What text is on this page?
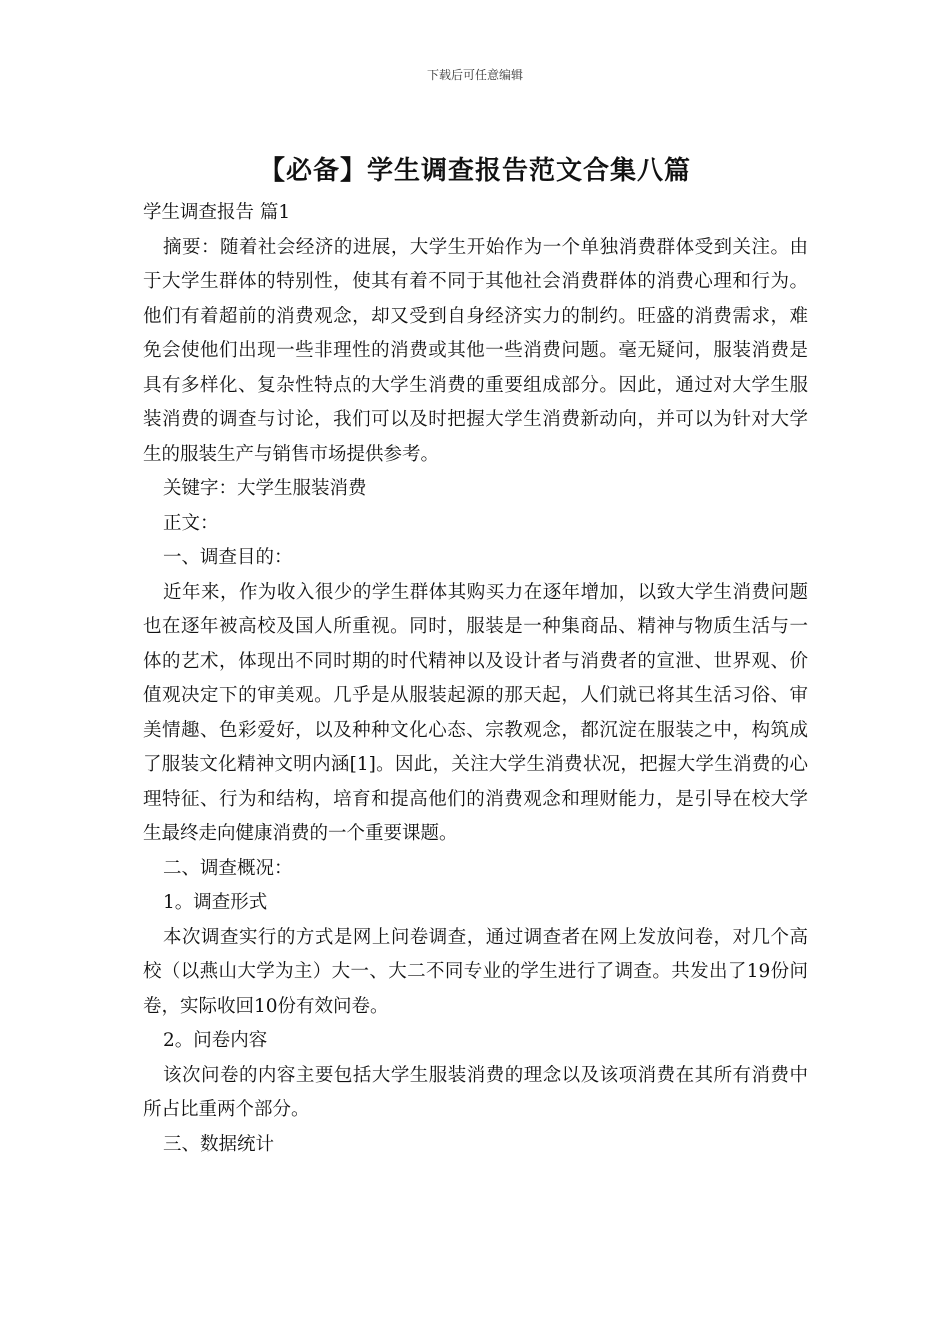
下载后可任意编辑
【必备】学生调查报告范文合集八篇

学生调查报告 篇1

摘要：随着社会经济的进展，大学生开始作为一个单独消费群体受到关注。由于大学生群体的特别性，使其有着不同于其他社会消费群体的消费心理和行为。他们有着超前的消费观念，却又受到自身经济实力的制约。旺盛的消费需求，难免会使他们出现一些非理性的消费或其他一些消费问题。毫无疑问，服装消费是具有多样化、复杂性特点的大学生消费的重要组成部分。因此，通过对大学生服装消费的调查与讨论，我们可以及时把握大学生消费新动向，并可以为针对大学生的服装生产与销售市场提供参考。

关键字：大学生服装消费

正文：

一、调查目的：

近年来，作为收入很少的学生群体其购买力在逐年增加，以致大学生消费问题也在逐年被高校及国人所重视。同时，服装是一种集商品、精神与物质生活与一体的艺术，体现出不同时期的时代精神以及设计者与消费者的宣泄、世界观、价值观决定下的审美观。几乎是从服装起源的那天起，人们就已将其生活习俗、审美情趣、色彩爱好，以及种种文化心态、宗教观念，都沉淀在服装之中，构筑成了服装文化精神文明内涵[1]。因此，关注大学生消费状况，把握大学生消费的心理特征、行为和结构，培育和提高他们的消费观念和理财能力，是引导在校大学生最终走向健康消费的一个重要课题。

二、调查概况：

1。调查形式

本次调查实行的方式是网上问卷调查，通过调查者在网上发放问卷，对几个高校（以燕山大学为主）大一、大二不同专业的学生进行了调查。共发出了19份问卷，实际收回10份有效问卷。

2。问卷内容

该次问卷的内容主要包括大学生服装消费的理念以及该项消费在其所有消费中所占比重两个部分。

三、数据统计
